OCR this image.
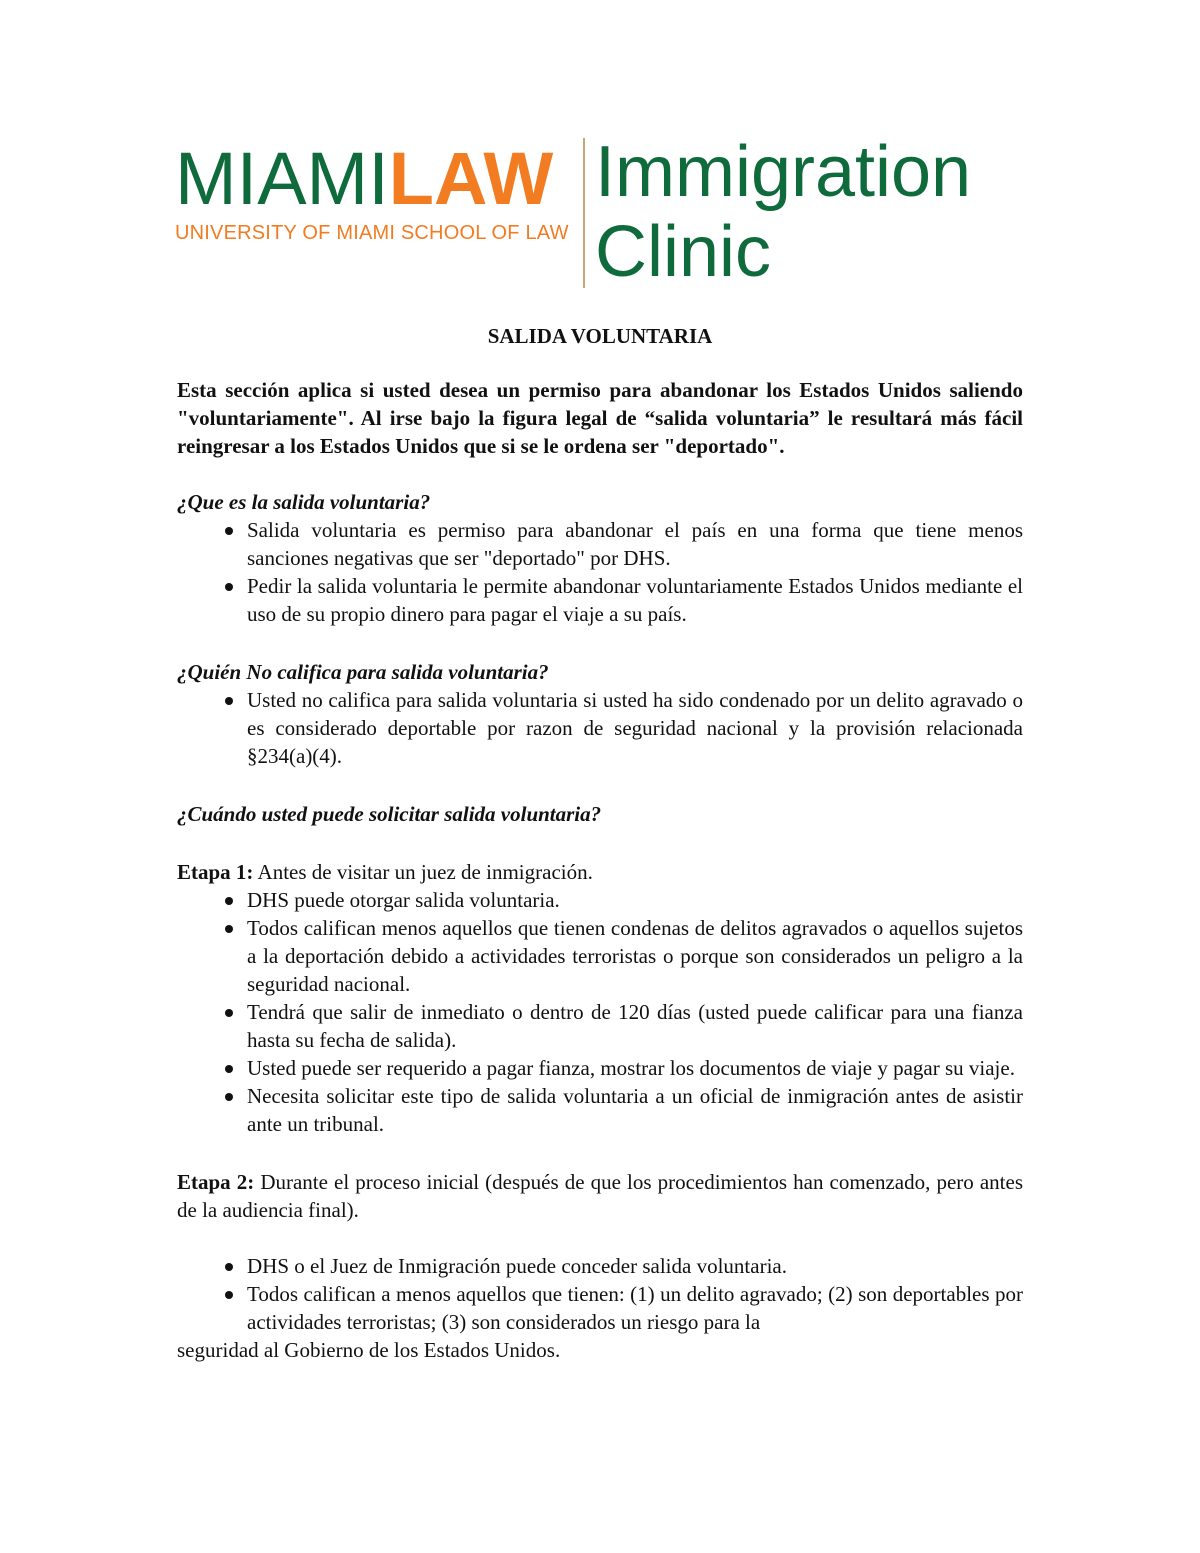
MIAMILAW
UNIVERSITY OF MIAMI SCHOOL OF LAW
Immigration
Clinic
SALIDA VOLUNTARIA

Esta sección aplica si usted desea un permiso para abandonar los Estados Unidos saliendo "voluntariamente". Al irse bajo la figura legal de “salida voluntaria” le resultará más fácil reingresar a los Estados Unidos que si se le ordena ser "deportado".

¿Que es la salida voluntaria?

Salida voluntaria es permiso para abandonar el país en una forma que tiene menos sanciones negativas que ser "deportado" por DHS.
Pedir la salida voluntaria le permite abandonar voluntariamente Estados Unidos mediante el uso de su propio dinero para pagar el viaje a su país.

¿Quién No califica para salida voluntaria?

Usted no califica para salida voluntaria si usted ha sido condenado por un delito agravado o es considerado deportable por razon de seguridad nacional y la provisión relacionada §234(a)(4).

¿Cuándo usted puede solicitar salida voluntaria?

Etapa 1: Antes de visitar un juez de inmigración.

DHS puede otorgar salida voluntaria.
Todos califican menos aquellos que tienen condenas de delitos agravados o aquellos sujetos a la deportación debido a actividades terroristas o porque son considerados un peligro a la seguridad nacional.
Tendrá que salir de inmediato o dentro de 120 días (usted puede calificar para una fianza hasta su fecha de salida).
Usted puede ser requerido a pagar fianza, mostrar los documentos de viaje y pagar su viaje.
Necesita solicitar este tipo de salida voluntaria a un oficial de inmigración antes de asistir ante un tribunal.

Etapa 2: Durante el proceso inicial (después de que los procedimientos han comenzado, pero antes de la audiencia final).

DHS o el Juez de Inmigración puede conceder salida voluntaria.
Todos califican a menos aquellos que tienen: (1) un delito agravado; (2) son deportables por actividades terroristas; (3) son considerados un riesgo para la

seguridad al Gobierno de los Estados Unidos.
